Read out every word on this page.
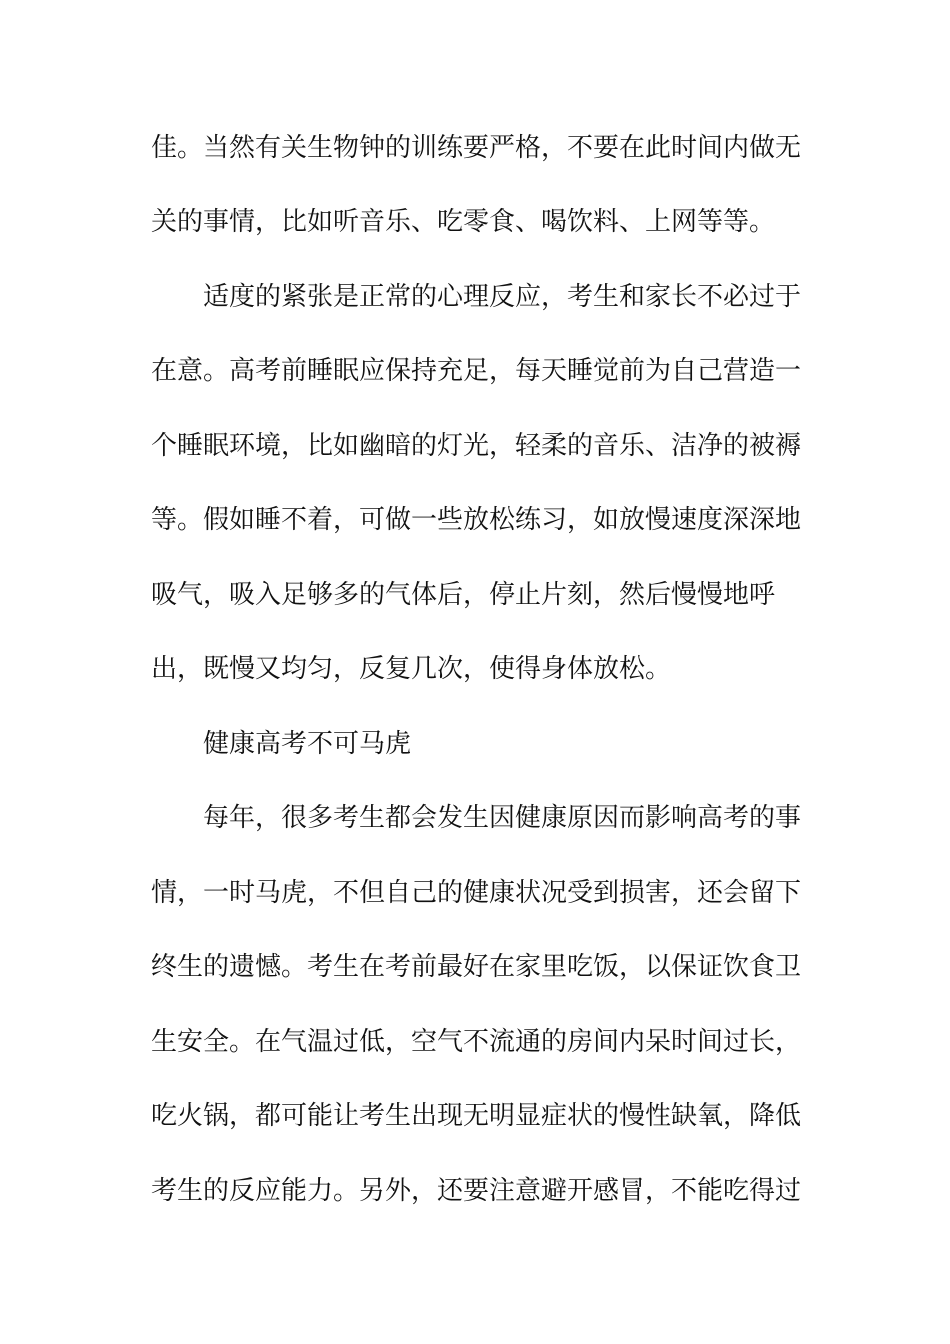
佳。当然有关生物钟的训练要严格，不要在此时间内做无
关的事情，比如听音乐、吃零食、喝饮料、上网等等。
适度的紧张是正常的心理反应，考生和家长不必过于
在意。高考前睡眠应保持充足，每天睡觉前为自己营造一
个睡眠环境，比如幽暗的灯光，轻柔的音乐、洁净的被褥
等。假如睡不着，可做一些放松练习，如放慢速度深深地
吸气，吸入足够多的气体后，停止片刻，然后慢慢地呼
出，既慢又均匀，反复几次，使得身体放松。
健康高考不可马虎
每年，很多考生都会发生因健康原因而影响高考的事
情，一时马虎，不但自己的健康状况受到损害，还会留下
终生的遗憾。考生在考前最好在家里吃饭，以保证饮食卫
生安全。在气温过低，空气不流通的房间内呆时间过长，
吃火锅，都可能让考生出现无明显症状的慢性缺氧，降低
考生的反应能力。另外，还要注意避开感冒，不能吃得过
